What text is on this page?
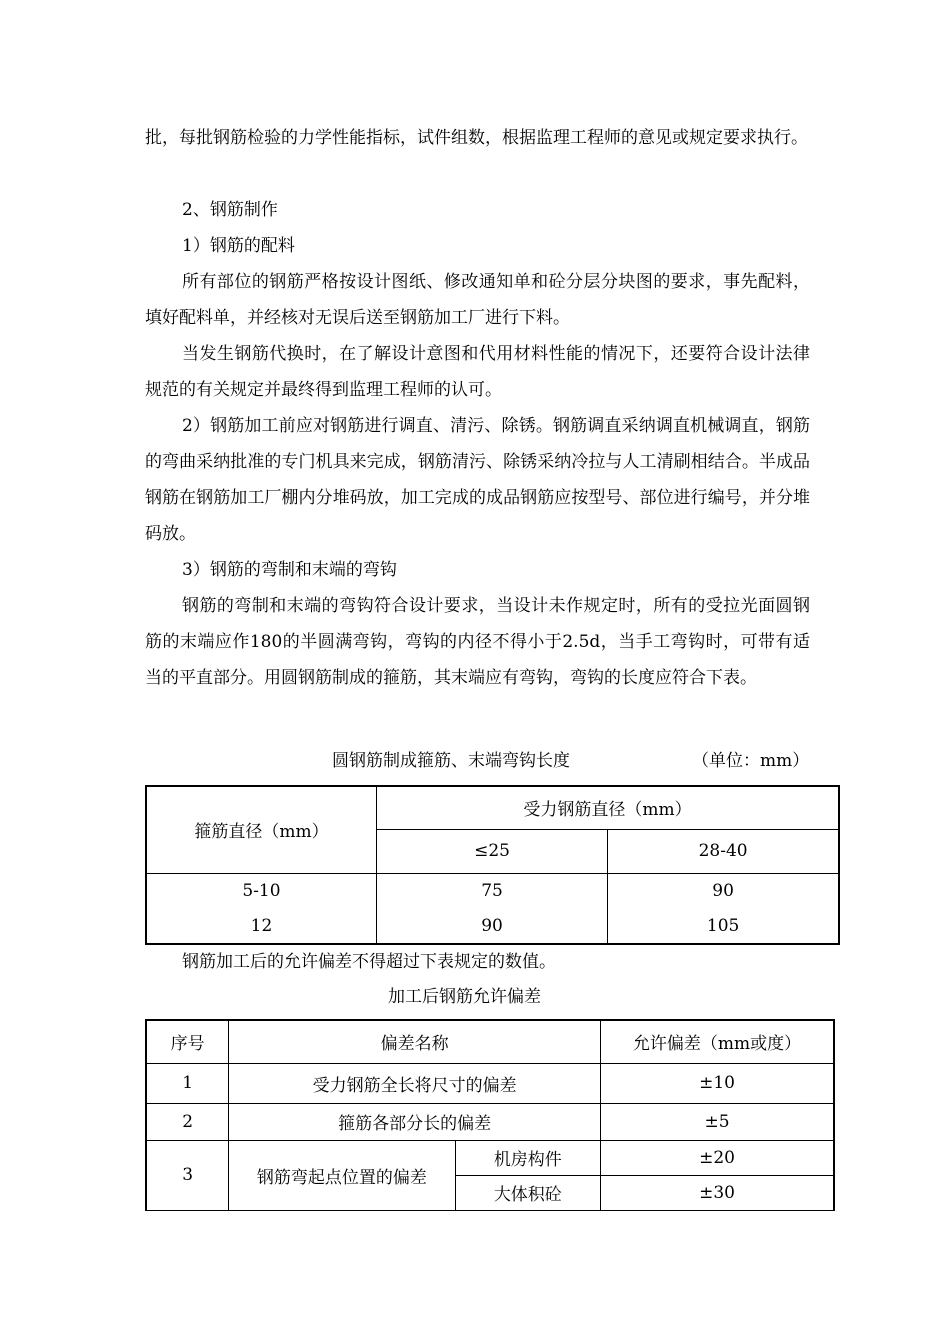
批，每批钢筋检验的力学性能指标，试件组数，根据监理工程师的意见或规定要求执行。

2、钢筋制作

1）钢筋的配料

所有部位的钢筋严格按设计图纸、修改通知单和砼分层分块图的要求，事先配料，填好配料单，并经核对无误后送至钢筋加工厂进行下料。

当发生钢筋代换时，在了解设计意图和代用材料性能的情况下，还要符合设计法律规范的有关规定并最终得到监理工程师的认可。

2）钢筋加工前应对钢筋进行调直、清污、除锈。钢筋调直采纳调直机械调直，钢筋的弯曲采纳批准的专门机具来完成，钢筋清污、除锈采纳冷拉与人工清刷相结合。半成品钢筋在钢筋加工厂棚内分堆码放，加工完成的成品钢筋应按型号、部位进行编号，并分堆码放。

3）钢筋的弯制和末端的弯钩

钢筋的弯制和末端的弯钩符合设计要求，当设计未作规定时，所有的受拉光面圆钢筋的末端应作180的半圆满弯钩，弯钩的内径不得小于2.5d，当手工弯钩时，可带有适当的平直部分。用圆钢筋制成的箍筋，其末端应有弯钩，弯钩的长度应符合下表。

圆钢筋制成箍筋、末端弯钩长度	（单位：mm）
箍筋直径（mm）	受力钢筋直径（mm）	
	≤25	28-40
5-10	75	90
12	90	105

钢筋加工后的允许偏差不得超过下表规定的数值。

加工后钢筋允许偏差
序号	偏差名称		允许偏差（mm或度）
1	受力钢筋全长将尺寸的偏差		±10
2	箍筋各部分长的偏差		±5
3	钢筋弯起点位置的偏差	机房构件	±20
		大体积砼	±30
